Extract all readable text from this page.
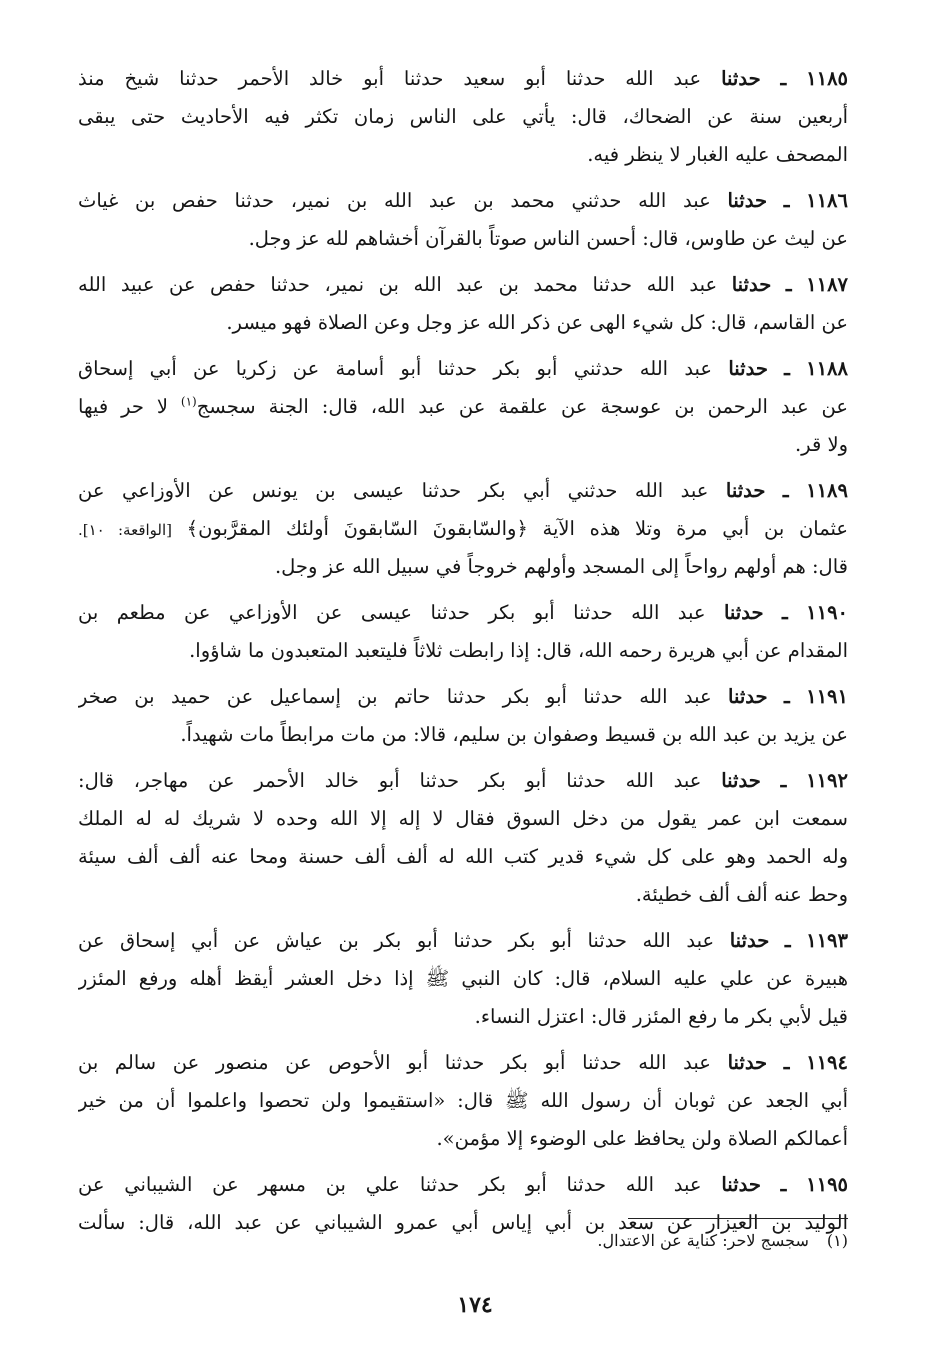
١١٨٥ ـ حدثنا عبد الله حدثنا أبو سعيد حدثنا أبو خالد الأحمر حدثنا شيخ منذ
أربعين سنة عن الضحاك، قال: يأتي على الناس زمان تكثر فيه الأحاديث حتى يبقى
المصحف عليه الغبار لا ينظر فيه.
١١٨٦ ـ حدثنا عبد الله حدثني محمد بن عبد الله بن نمير، حدثنا حفص بن غياث
عن ليث عن طاوس، قال: أحسن الناس صوتاً بالقرآن أخشاهم لله عز وجل.
١١٨٧ ـ حدثنا عبد الله حدثنا محمد بن عبد الله بن نمير، حدثنا حفص عن عبيد الله
عن القاسم، قال: كل شيء الهى عن ذكر الله عز وجل وعن الصلاة فهو ميسر.
١١٨٨ ـ حدثنا عبد الله حدثني أبو بكر حدثنا أبو أسامة عن زكريا عن أبي إسحاق
عن عبد الرحمن بن عوسجة عن علقمة عن عبد الله، قال: الجنة سجسج$^{(١)}$ لا حر فيها
ولا قر.
١١٨٩ ـ حدثنا عبد الله حدثني أبي بكر حدثنا عيسى بن يونس عن الأوزاعي عن
عثمان بن أبي مرة وتلا هذه الآية ﴿والسّابقونَ السّابقونَ أولئك المقرَّبون﴾ [الواقعة: ١٠].
قال: هم أولهم رواحاً إلى المسجد وأولهم خروجاً في سبيل الله عز وجل.
١١٩٠ ـ حدثنا عبد الله حدثنا أبو بكر حدثنا عيسى عن الأوزاعي عن مطعم بن
المقدام عن أبي هريرة رحمه الله، قال: إذا رابطت ثلاثاً فليتعبد المتعبدون ما شاؤوا.
١١٩١ ـ حدثنا عبد الله حدثنا أبو بكر حدثنا حاتم بن إسماعيل عن حميد بن صخر
عن يزيد بن عبد الله بن قسيط وصفوان بن سليم، قالا: من مات مرابطاً مات شهيداً.
١١٩٢ ـ حدثنا عبد الله حدثنا أبو بكر حدثنا أبو خالد الأحمر عن مهاجر، قال:
سمعت ابن عمر يقول من دخل السوق فقال لا إله إلا الله وحده لا شريك له له الملك
وله الحمد وهو على كل شيء قدير كتب الله له ألف ألف حسنة ومحا عنه ألف ألف سيئة
وحط عنه ألف ألف خطيئة.
١١٩٣ ـ حدثنا عبد الله حدثنا أبو بكر حدثنا أبو بكر بن عياش عن أبي إسحاق عن
هبيرة عن علي عليه السلام، قال: كان النبي ﷺ إذا دخل العشر أيقظ أهله ورفع المئزر
قيل لأبي بكر ما رفع المئزر قال: اعتزل النساء.
١١٩٤ ـ حدثنا عبد الله حدثنا أبو بكر حدثنا أبو الأحوص عن منصور عن سالم بن
أبي الجعد عن ثوبان أن رسول الله ﷺ قال: «استقيموا ولن تحصوا واعلموا أن من خير
أعمالكم الصلاة ولن يحافظ على الوضوء إلا مؤمن».
١١٩٥ ـ حدثنا عبد الله حدثنا أبو بكر حدثنا علي بن مسهر عن الشيباني عن
الوليد بن العيزار عن سعد بن أبي إياس أبي عمرو الشيباني عن عبد الله، قال: سألت
(١)سجسج لاحر: كناية عن الاعتدال.
١٧٤
